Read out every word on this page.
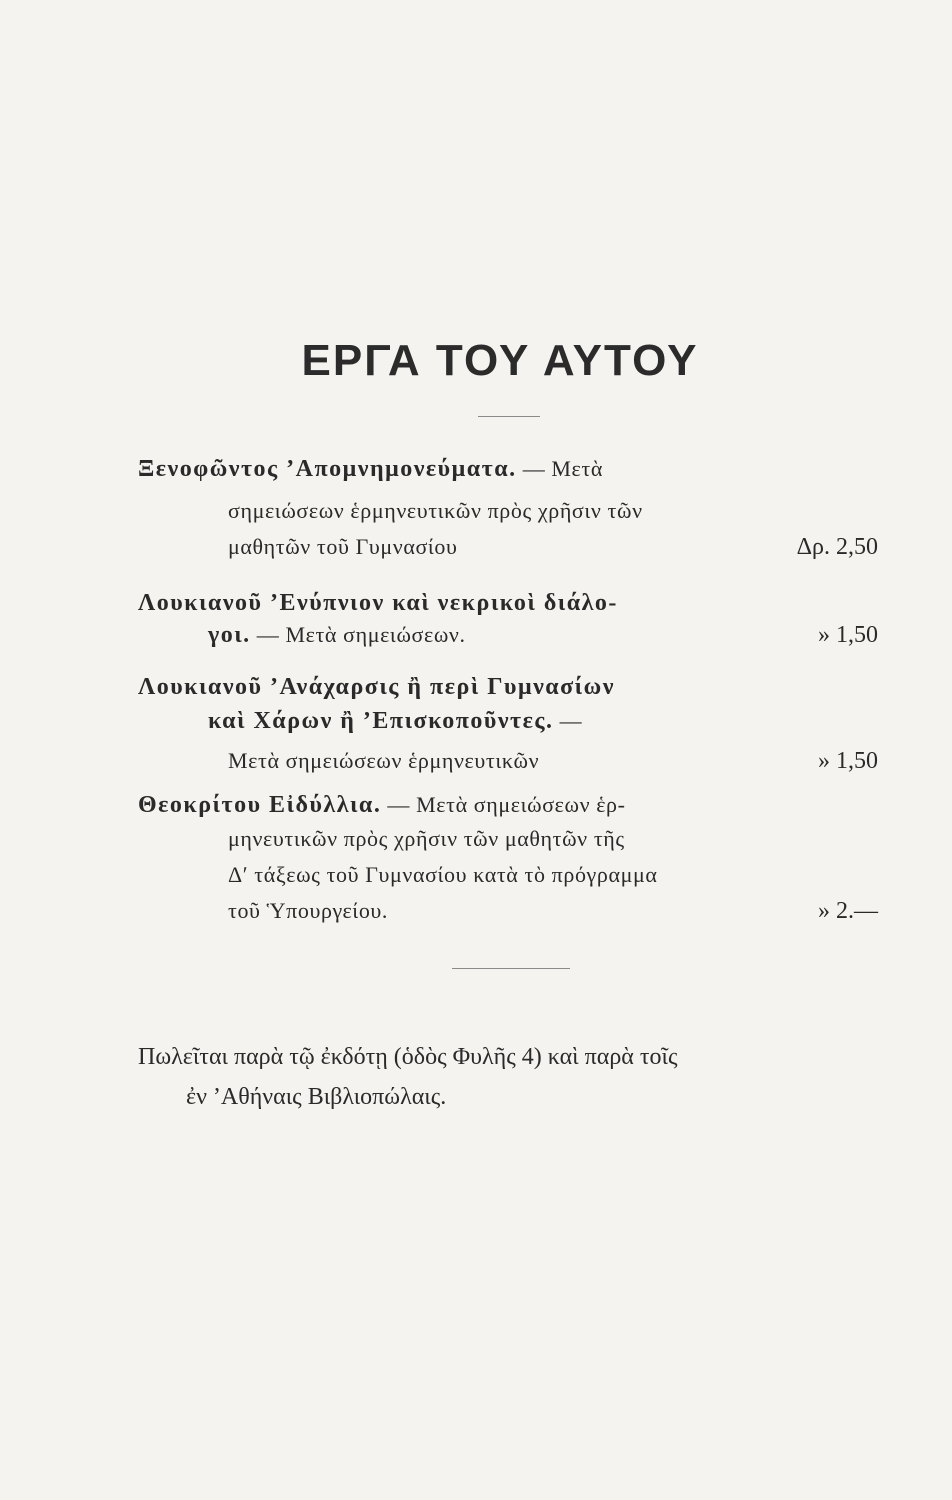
ΕΡΓΑ ΤΟΥ ΑΥΤΟΥ
Ξενοφῶντος ʼΑπομνημονεύματα. — Μετὰ
σημειώσεων ἑρμηνευτικῶν πρὸς χρῆσιν τῶν
μαθητῶν τοῦ Γυμνασίου	Δρ. 2,50
Λουκιανοῦ ʼΕνύπνιον καὶ νεκρικοὶ διάλο-
γοι. — Μετὰ σημειώσεων.	» 1,50
Λουκιανοῦ ʼΑνάχαρσις ἢ περὶ Γυμνασίων
καὶ Χάρων ἢ ʼΕπισκοποῦντες. —
Μετὰ σημειώσεων ἑρμηνευτικῶν	» 1,50
Θεοκρίτου Εἰδύλλια. — Μετὰ σημειώσεων ἑρ-
μηνευτικῶν πρὸς χρῆσιν τῶν μαθητῶν τῆς
Δʹ τάξεως τοῦ Γυμνασίου κατὰ τὸ πρόγραμμα
τοῦ Ὑπουργείου.	» 2.—
Πωλεῖται παρὰ τῷ ἐκδότῃ (ὁδὸς Φυλῆς 4) καὶ παρὰ τοῖς
ἐν ʼΑθήναις Βιβλιοπώλαις.
